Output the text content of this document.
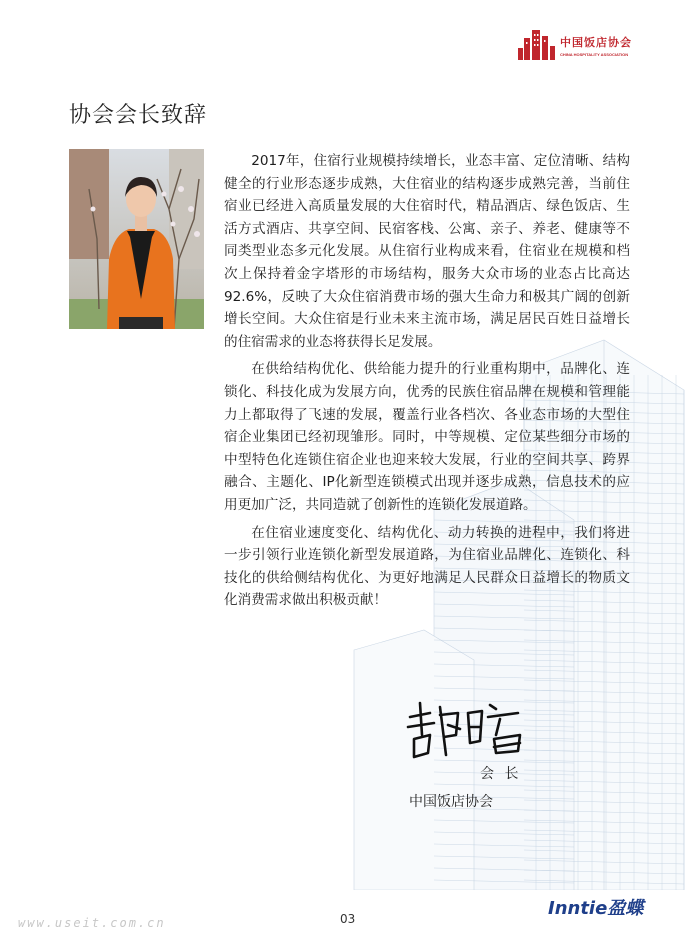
中国饭店协会
CHINA HOSPITALITY ASSOCIATION
协会会长致辞

2017年，住宿行业规模持续增长，业态丰富、定位清晰、结构健全的行业形态逐步成熟，大住宿业的结构逐步成熟完善，当前住宿业已经进入高质量发展的大住宿时代，精品酒店、绿色饭店、生活方式酒店、共享空间、民宿客栈、公寓、亲子、养老、健康等不同类型业态多元化发展。从住宿行业构成来看，住宿业在规模和档次上保持着金字塔形的市场结构，服务大众市场的业态占比高达92.6%，反映了大众住宿消费市场的强大生命力和极其广阔的创新增长空间。大众住宿是行业未来主流市场，满足居民百姓日益增长的住宿需求的业态将获得长足发展。

在供给结构优化、供给能力提升的行业重构期中，品牌化、连锁化、科技化成为发展方向，优秀的民族住宿品牌在规模和管理能力上都取得了飞速的发展，覆盖行业各档次、各业态市场的大型住宿企业集团已经初现雏形。同时，中等规模、定位某些细分市场的中型特色化连锁住宿企业也迎来较大发展，行业的空间共享、跨界融合、主题化、IP化新型连锁模式出现并逐步成熟，信息技术的应用更加广泛，共同造就了创新性的连锁化发展道路。

在住宿业速度变化、结构优化、动力转换的进程中，我们将进一步引领行业连锁化新型发展道路，为住宿业品牌化、连锁化、科技化的供给侧结构优化、为更好地满足人民群众日益增长的物质文化消费需求做出积极贡献！

会 长
中国饭店协会
03	Inntie盈蝶
www.useit.com.cn
